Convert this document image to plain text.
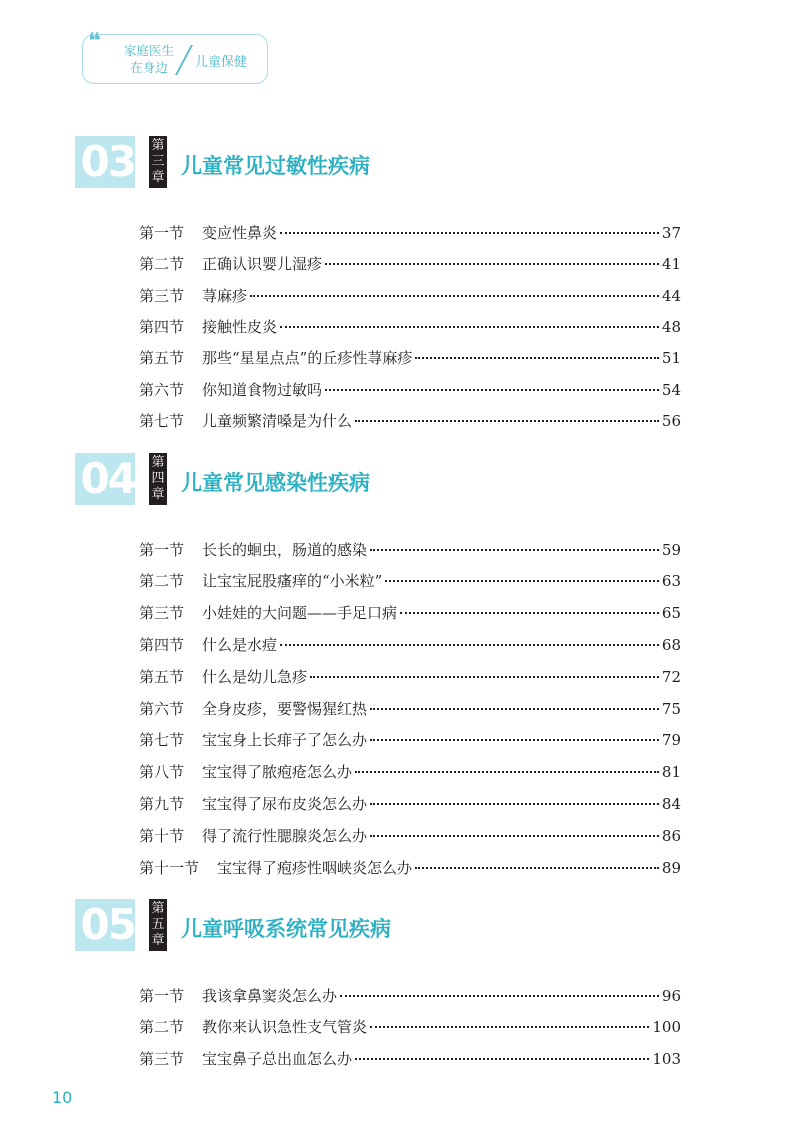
❝	家庭医生
在身边	儿童保健
03 第
三
章 儿童常见过敏性疾病
第一节	变应性鼻炎	37
第二节	正确认识婴儿湿疹	41
第三节	荨麻疹	44
第四节	接触性皮炎	48
第五节	那些“星星点点”的丘疹性荨麻疹	51
第六节	你知道食物过敏吗	54
第七节	儿童频繁清嗓是为什么	56
04 第
四
章 儿童常见感染性疾病
第一节	长长的蛔虫，肠道的感染	59
第二节	让宝宝屁股瘙痒的“小米粒”	63
第三节	小娃娃的大问题——手足口病	65
第四节	什么是水痘	68
第五节	什么是幼儿急疹	72
第六节	全身皮疹，要警惕猩红热	75
第七节	宝宝身上长痱子了怎么办	79
第八节	宝宝得了脓疱疮怎么办	81
第九节	宝宝得了尿布皮炎怎么办	84
第十节	得了流行性腮腺炎怎么办	86
第十一节	宝宝得了疱疹性咽峡炎怎么办	89
05 第
五
章 儿童呼吸系统常见疾病
第一节	我该拿鼻窦炎怎么办	96
第二节	教你来认识急性支气管炎	100
第三节	宝宝鼻子总出血怎么办	103
10
